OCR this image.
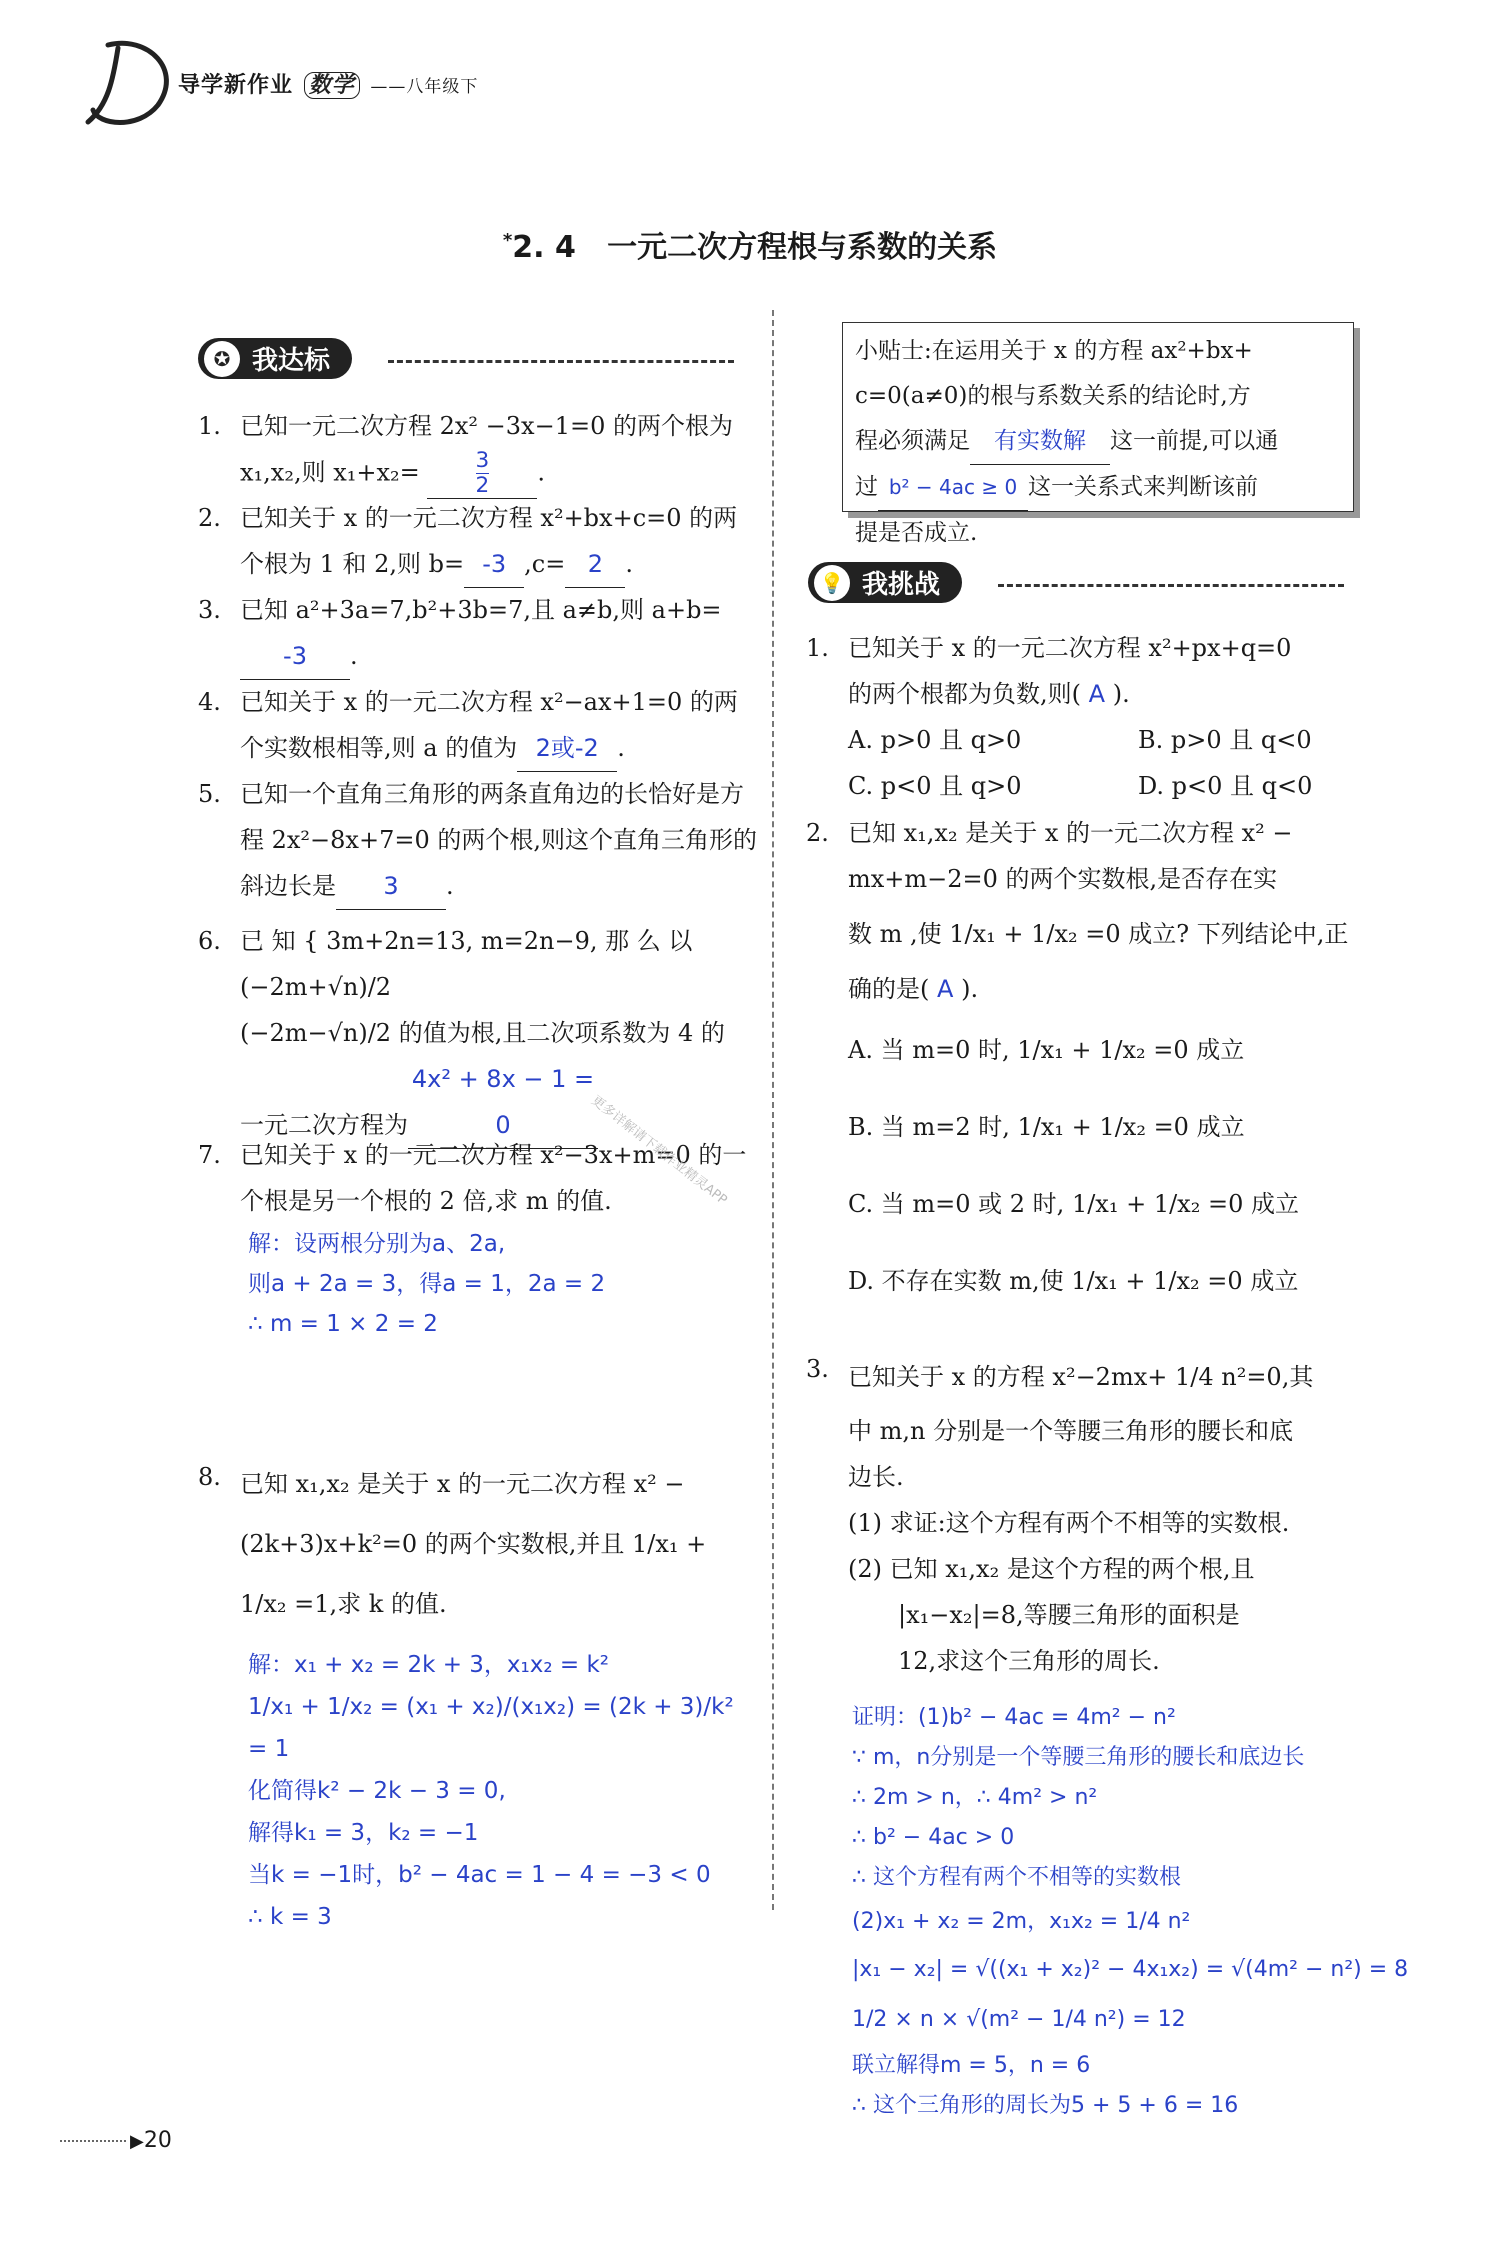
导学新作业 数学 ——八年级下
*2. 4 一元二次方程根与系数的关系
✪ 我达标
1. 已知一元二次方程 2x² −3x−1=0 的两个根为 x₁,x₂,则 x₁+x₂=	$\frac{3}{2}$ .
2. 已知关于 x 的一元二次方程 x²+bx+c=0 的两个根为 1 和 2,则 b= -3 ,c= 2 .
3. 已知 a²+3a=7,b²+3b=7,且 a≠b,则 a+b=-3 .
4. 已知关于 x 的一元二次方程 x²−ax+1=0 的两个实数根相等,则 a 的值为 2或-2 .
5. 已知一个直角三角形的两条直角边的长恰好是方程 2x²−8x+7=0 的两个根,则这个直角三角形的斜边长是 3 .
6. 已 知 { 3m+2n=13, m=2n−9, 那 么 以 (−2m+√n)/2
(−2m−√n)/2 的值为根,且二次项系数为 4 的
一元二次方程为4x² + 8x − 1 = 0
7. 已知关于 x 的一元二次方程 x²−3x+m=0 的一个根是另一个根的 2 倍,求 m 的值.
解：设两根分别为a、2a,
则a + 2a = 3，得a = 1，2a = 2
∴ m = 1 × 2 = 2
8. 已知 x₁,x₂ 是关于 x 的一元二次方程 x² −
(2k+3)x+k²=0 的两个实数根,并且 1/x₁ +
1/x₂ =1,求 k 的值.
解：x₁ + x₂ = 2k + 3，x₁x₂ = k²
1/x₁ + 1/x₂ = (x₁ + x₂)/(x₁x₂) = (2k + 3)/k² = 1
化简得k² − 2k − 3 = 0,
解得k₁ = 3，k₂ = −1
当k = −1时，b² − 4ac = 1 − 4 = −3 < 0
∴ k = 3
小贴士:在运用关于 x 的方程 ax²+bx+
c=0(a≠0)的根与系数关系的结论时,方
程必须满足 有实数解 这一前提,可以通
过 b² − 4ac ≥ 0 这一关系式来判断该前
提是否成立.
💡 我挑战
1. 已知关于 x 的一元二次方程 x²+px+q=0
的两个根都为负数,则( A ).
A. p>0 且 q>0	B. p>0 且 q<0
C. p<0 且 q>0	D. p<0 且 q<0
2. 已知 x₁,x₂ 是关于 x 的一元二次方程 x² −
mx+m−2=0 的两个实数根,是否存在实
数 m ,使 1/x₁ + 1/x₂ =0 成立? 下列结论中,正
确的是( A ).
A. 当 m=0 时, 1/x₁ + 1/x₂ =0 成立
B. 当 m=2 时, 1/x₁ + 1/x₂ =0 成立
C. 当 m=0 或 2 时, 1/x₁ + 1/x₂ =0 成立
D. 不存在实数 m,使 1/x₁ + 1/x₂ =0 成立
3. 已知关于 x 的方程 x²−2mx+ 1/4 n²=0,其
中 m,n 分别是一个等腰三角形的腰长和底
边长.
(1) 求证:这个方程有两个不相等的实数根.
(2) 已知 x₁,x₂ 是这个方程的两个根,且
|x₁−x₂|=8,等腰三角形的面积是
12,求这个三角形的周长.
证明：(1)b² − 4ac = 4m² − n²
∵ m，n分别是一个等腰三角形的腰长和底边长
∴ 2m > n，∴ 4m² > n²
∴ b² − 4ac > 0
∴ 这个方程有两个不相等的实数根
(2)x₁ + x₂ = 2m，x₁x₂ = 1/4 n²
|x₁ − x₂| = √((x₁ + x₂)² − 4x₁x₂) = √(4m² − n²) = 8
1/2 × n × √(m² − 1/4 n²) = 12
联立解得m = 5，n = 6
∴ 这个三角形的周长为5 + 5 + 6 = 16
更多详解请下载作业精灵APP
▶20
